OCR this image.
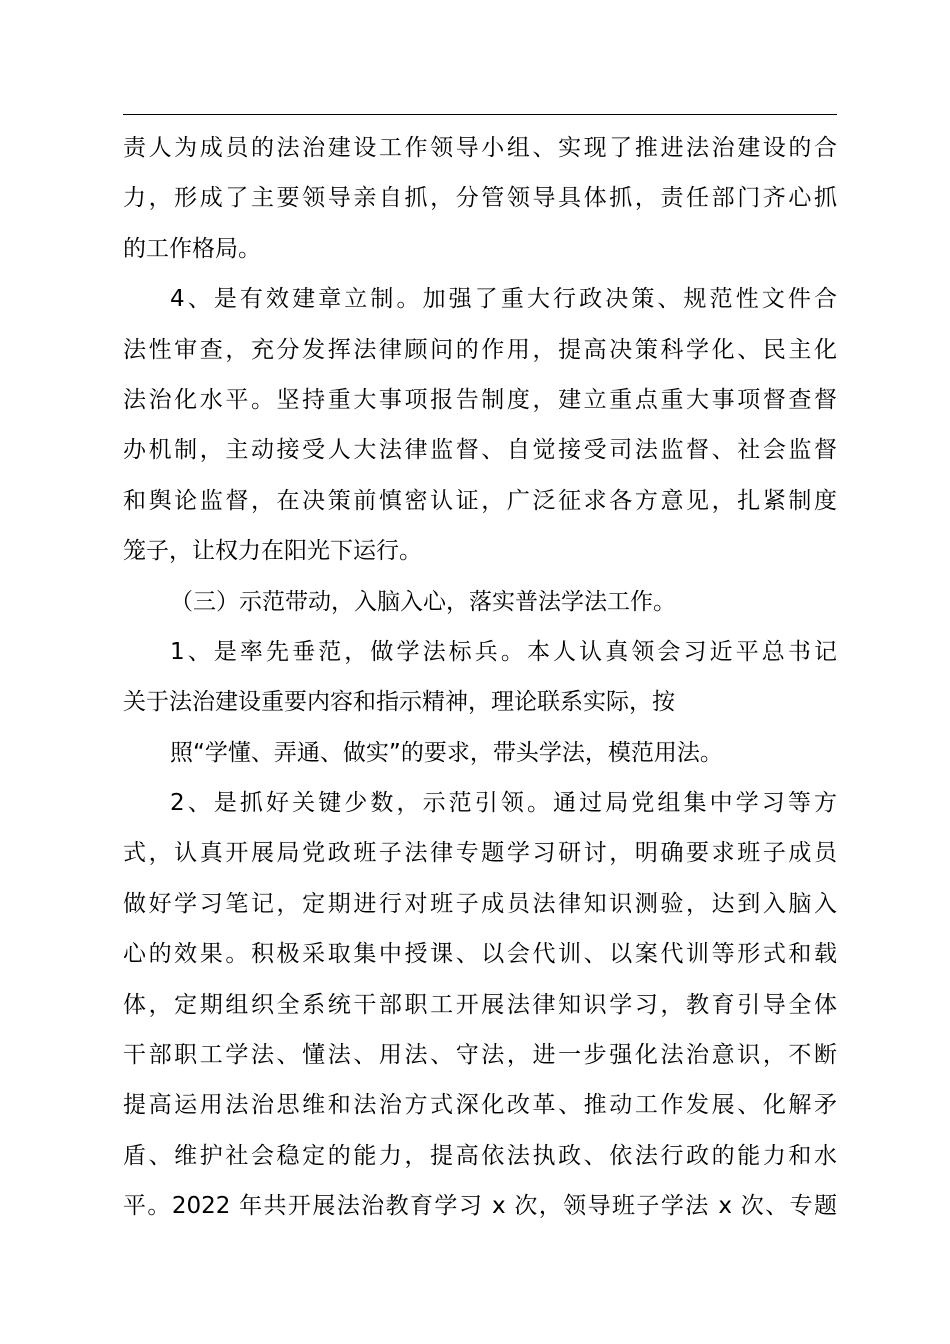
责人为成员的法治建设工作领导小组、实现了推进法治建设的合
力，形成了主要领导亲自抓，分管领导具体抓，责任部门齐心抓
的工作格局。
4、是有效建章立制。加强了重大行政决策、规范性文件合
法性审查，充分发挥法律顾问的作用，提高决策科学化、民主化
法治化水平。坚持重大事项报告制度，建立重点重大事项督查督
办机制，主动接受人大法律监督、自觉接受司法监督、社会监督
和舆论监督，在决策前慎密认证，广泛征求各方意见，扎紧制度
笼子，让权力在阳光下运行。
（三）示范带动，入脑入心，落实普法学法工作。
1、是率先垂范，做学法标兵。本人认真领会习近平总书记
关于法治建设重要内容和指示精神，理论联系实际，按
照“学懂、弄通、做实”的要求，带头学法，模范用法。
2、是抓好关键少数，示范引领。通过局党组集中学习等方
式，认真开展局党政班子法律专题学习研讨，明确要求班子成员
做好学习笔记，定期进行对班子成员法律知识测验，达到入脑入
心的效果。积极采取集中授课、以会代训、以案代训等形式和载
体，定期组织全系统干部职工开展法律知识学习，教育引导全体
干部职工学法、懂法、用法、守法，进一步强化法治意识，不断
提高运用法治思维和法治方式深化改革、推动工作发展、化解矛
盾、维护社会稳定的能力，提高依法执政、依法行政的能力和水
平。2022 年共开展法治教育学习 x 次，领导班子学法 x 次、专题
